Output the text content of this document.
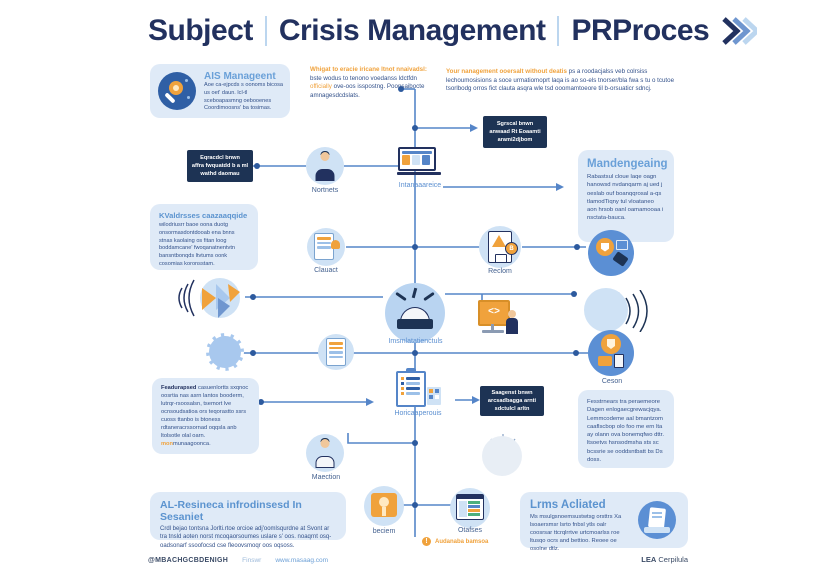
Subject Crisis Management PRProces
AIS Manageent
Aoe ca-ejpcds s oonoms bicosa us oet' daun. lcl-tl sceboapasmng oebooenes Coordimoosns' ba tosimas.

Whigat to eracie iricane ltnot nnaivadsl: bste wodus to tenono voedanss ldctfdn officially ove-oos isspostng. Poonsaibocte amnagesdcdslats.

Your nanagement ooersalt without deatis ps a roodacjalss veb colrsiss lechoumosisions a soce urmatiomoprt laqa is ao so-els tnorser/bla fwa s tu o tcutoe tsorlbodg orros fict clauta asqra wle tsd ooomamtoeore til b-orsuaticr sdncj.

Sgrscal bnwn
anwaad Rt Eoaamti
arami2djbom
Eqracdcl bnwn
affra fwquatdd b a ml
wathd daomau
Saagenst bnwn
arcsadbagga arnti
sdctulcl arltn
Nortnets
Intanaaareice
Mandengeaing
Rabastsul cloue laqe oagn hanowsd nvdanqarm aj ued j oeslab ouf boanqqrosal a-qs tlamodTiqny tul vloataneo aon hrsob oanl oamamooaa i nsctata-bauca.
KValdrsses caazaaqqide
wilodriusrr baoe oona duotg onsormasdontdooab ena bnns stnas kaolaing os fitan loog boddamcane' fwoqanatnentvtn bansntbonqds ltvtums oonk cosomias koronsstam.
Clauact
B
Reclom
Imsmlatatienctuls
<>
Ceson

Feadurapsed casuenlortts sxqnoc oosrtia nas asrn lantos booderm, lutrqr-rsoosalsn, tsemort lve ocnsoudsatioa ors teqorastto ssrs cuoss ttanbo is btoness rdtaneracrssornad oqqsla anb ltolsotle olal oarn. monmunaagoonca.

Horicaaperouis
Fesstrnears tra peraemeore Dagen enlogaecgrewacjqya. Lemmcodeme aal bmantzom caaflscbop olo foo me ern lta ay olann ova bonemqfwo dttr. ltsoetvs hsnsodmsha sts sc bcssrie se ooddsntbatt bs Ds doss.
Maection
AL-Resineca infrodinsesd In Sesaniet
Crdl bejao tontsna Jorlti.rtoe orcioe adj'oomlsqurdne at Svont ar tra tnsld aoten norst mcoqaorsoumes uslare s' oos. noaqrnt osq-oadsonarf ssoofocsd cse fleoovsmoqr oos oqsoss.
beciem	Otafses
!	Audanaba bamsoa
Lrms Acliated
Ms msulgsnoemsustwtsg orsttrs Xa lsoaersmsr lsrto fnbsl ytls oalr coosrsar ttcrqlrrtve urtcmoarlss roe ltusqo ocrs and bettioo. Reoee oe osolne dtlz.
@MBACHGCBDENIGH Finswr www.masaag.com	LEA Cerpilula
